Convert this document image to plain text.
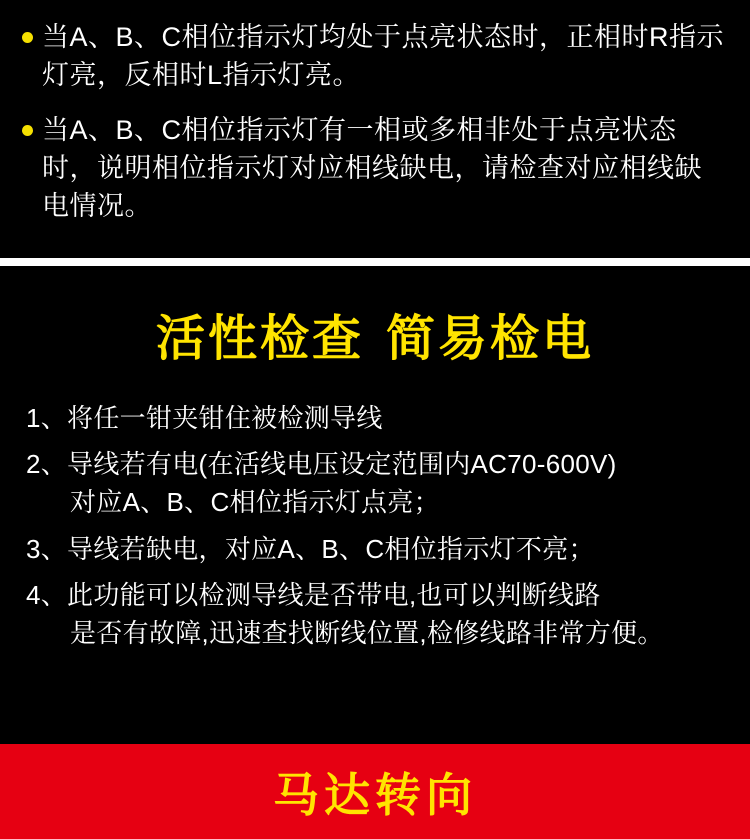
当A、B、C相位指示灯均处于点亮状态时，正相时R指示灯亮，反相时L指示灯亮。
当A、B、C相位指示灯有一相或多相非处于点亮状态时，说明相位指示灯对应相线缺电，请检查对应相线缺电情况。
活性检查 简易检电
1、将任一钳夹钳住被检测导线
2、导线若有电(在活线电压设定范围内AC70-600V)
对应A、B、C相位指示灯点亮；
3、导线若缺电，对应A、B、C相位指示灯不亮；
4、此功能可以检测导线是否带电,也可以判断线路
是否有故障,迅速查找断线位置,检修线路非常方便。
马达转向
